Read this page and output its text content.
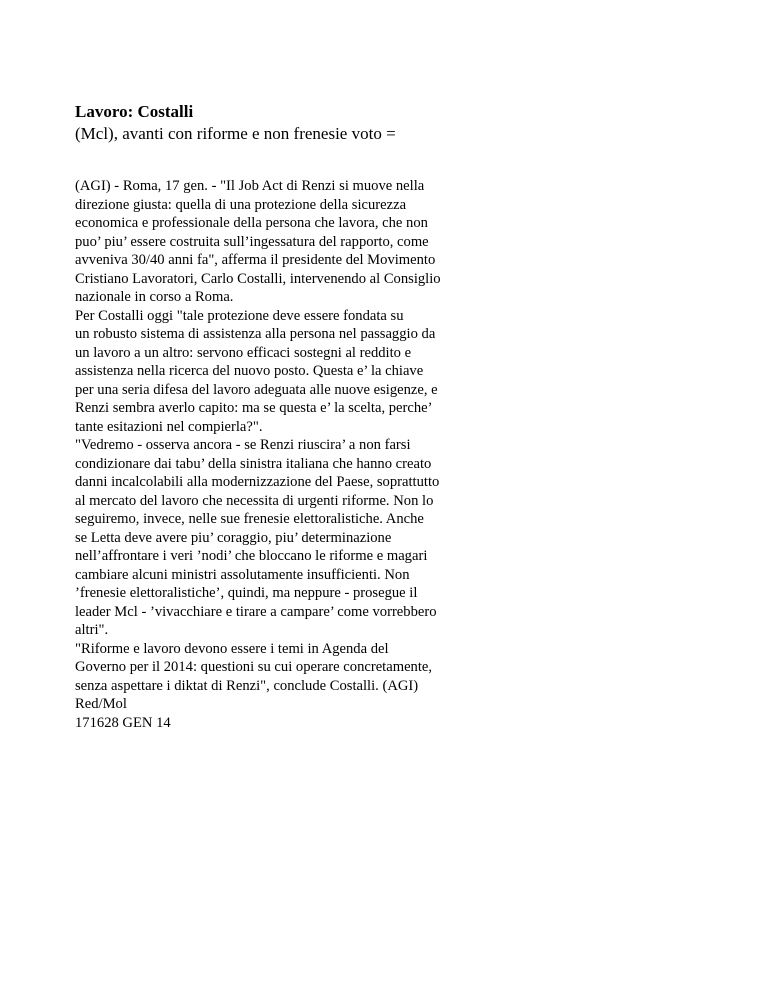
Lavoro: Costalli
(Mcl), avanti con riforme e non frenesie voto =
(AGI) - Roma, 17 gen. - "Il Job Act di Renzi si muove nella
direzione giusta: quella di una protezione della sicurezza
economica e professionale della persona che lavora, che non
puo’ piu’ essere costruita sull’ingessatura del rapporto, come
avveniva 30/40 anni fa", afferma il presidente del Movimento
Cristiano Lavoratori, Carlo Costalli, intervenendo al Consiglio
nazionale in corso a Roma.
Per Costalli oggi "tale protezione deve essere fondata su
un robusto sistema di assistenza alla persona nel passaggio da
un lavoro a un altro: servono efficaci sostegni al reddito e
assistenza nella ricerca del nuovo posto. Questa e’ la chiave
per una seria difesa del lavoro adeguata alle nuove esigenze, e
Renzi sembra averlo capito: ma se questa e’ la scelta, perche’
tante esitazioni nel compierla?".
"Vedremo - osserva ancora - se Renzi riuscira’ a non farsi
condizionare dai tabu’ della sinistra italiana che hanno creato
danni incalcolabili alla modernizzazione del Paese, soprattutto
al mercato del lavoro che necessita di urgenti riforme. Non lo
seguiremo, invece, nelle sue frenesie elettoralistiche. Anche
se Letta deve avere piu’ coraggio, piu’ determinazione
nell’affrontare i veri ’nodi’ che bloccano le riforme e magari
cambiare alcuni ministri assolutamente insufficienti. Non
’frenesie elettoralistiche’, quindi, ma neppure - prosegue il
leader Mcl - ’vivacchiare e tirare a campare’ come vorrebbero
altri".
"Riforme e lavoro devono essere i temi in Agenda del
Governo per il 2014: questioni su cui operare concretamente,
senza aspettare i diktat di Renzi", conclude Costalli. (AGI)
Red/Mol
171628 GEN 14
